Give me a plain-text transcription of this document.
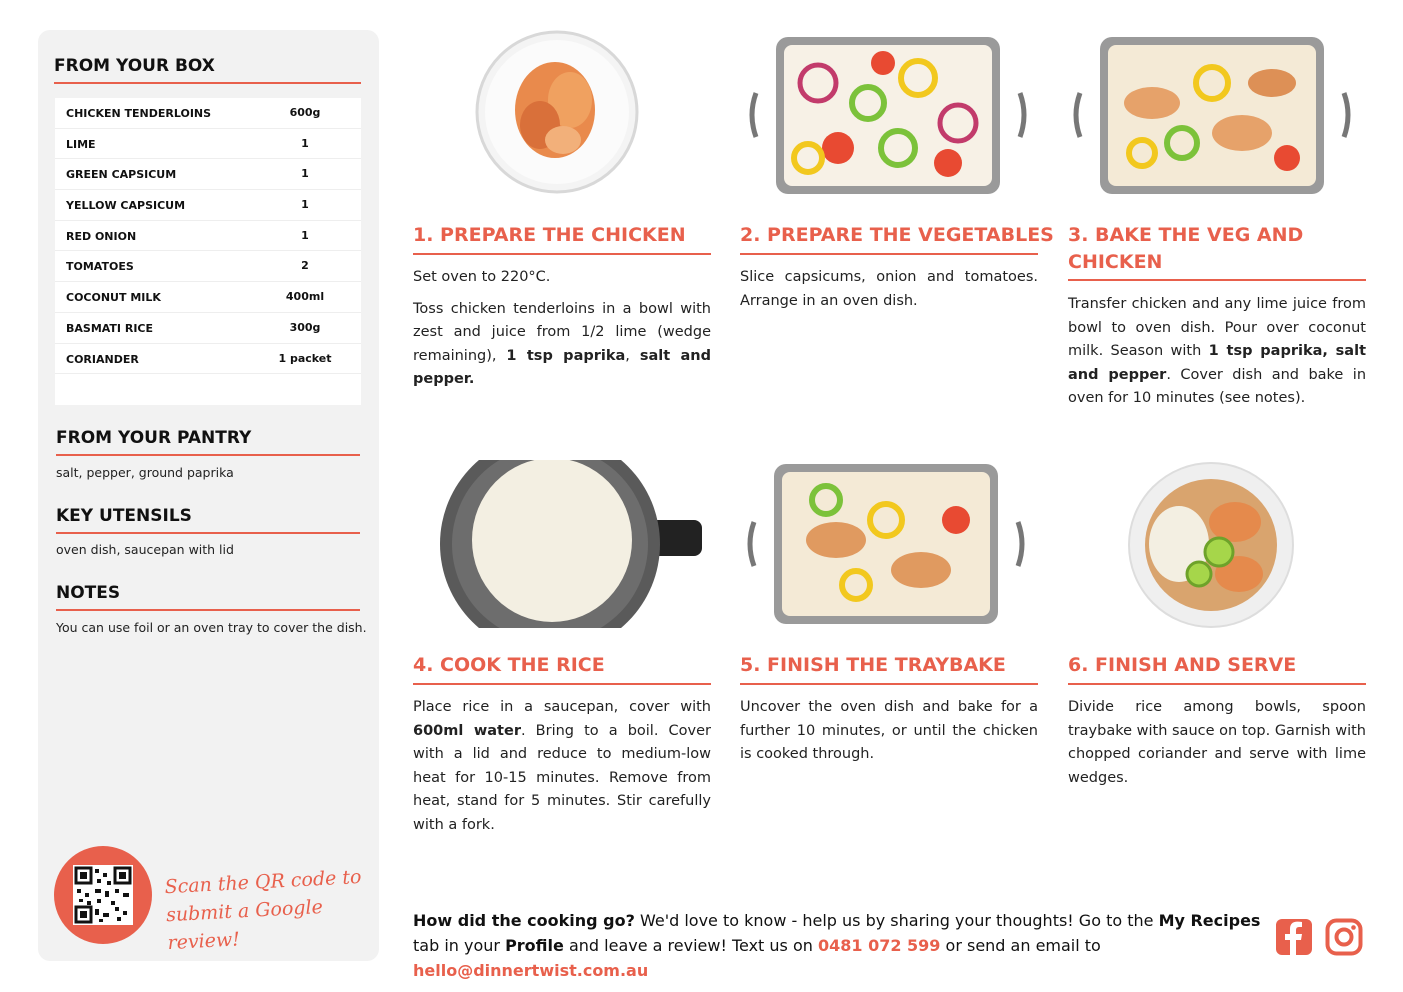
FROM YOUR BOX
CHICKEN TENDERLOINS	600g
LIME	1
GREEN CAPSICUM	1
YELLOW CAPSICUM	1
RED ONION	1
TOMATOES	2
COCONUT MILK	400ml
BASMATI RICE	300g
CORIANDER	1 packet
FROM YOUR PANTRY
salt, pepper, ground paprika
KEY UTENSILS
oven dish, saucepan with lid
NOTES
You can use foil or an oven tray to cover the dish.
Scan the QR code to
submit a Google review!
1. PREPARE THE CHICKEN

Set oven to 220°C.

Toss chicken tenderloins in a bowl with zest and juice from 1/2 lime (wedge remaining), 1 tsp paprika, salt and pepper.

2. PREPARE THE VEGETABLES

Slice capsicums, onion and tomatoes. Arrange in an oven dish.

3. BAKE THE VEG AND
CHICKEN

Transfer chicken and any lime juice from bowl to oven dish. Pour over coconut milk. Season with 1 tsp paprika, salt and pepper. Cover dish and bake in oven for 10 minutes (see notes).

4. COOK THE RICE

Place rice in a saucepan, cover with 600ml water. Bring to a boil. Cover with a lid and reduce to medium-low heat for 10-15 minutes. Remove from heat, stand for 5 minutes. Stir carefully with a fork.

5. FINISH THE TRAYBAKE

Uncover the oven dish and bake for a further 10 minutes, or until the chicken is cooked through.

6. FINISH AND SERVE

Divide rice among bowls, spoon traybake with sauce on top. Garnish with chopped coriander and serve with lime wedges.

How did the cooking go? We'd love to know - help us by sharing your thoughts! Go to the My Recipes tab in your Profile and leave a review! Text us on 0481 072 599 or send an email to hello@dinnertwist.com.au
